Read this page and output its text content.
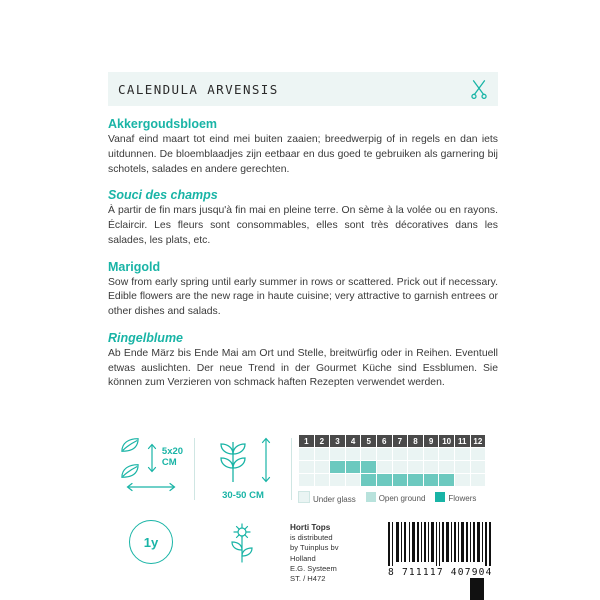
CALENDULA ARVENSIS
Akkergoudsbloem

Vanaf eind maart tot eind mei buiten zaaien; breedwerpig of in regels en dan iets uitdunnen. De bloemblaadjes zijn eetbaar en dus goed te gebruiken als garnering bij schotels, salades en andere gerechten.

Souci des champs

À partir de fin mars jusqu'à fin mai en pleine terre. On sème à la volée ou en rayons. Éclaircir. Les fleurs sont consommables, elles sont très décoratives dans les salades, les plats, etc.

Marigold

Sow from early spring until early summer in rows or scattered. Prick out if necessary. Edible flowers are the new rage in haute cuisine; very attractive to garnish entrees or other dishes and salads.

Ringelblume

Ab Ende März bis Ende Mai am Ort und Stelle, breitwürfig oder in Reihen. Eventuell etwas auslichten. Der neue Trend in der Gourmet Küche sind Essblumen. Sie können zum Verzieren von schmack haften Rezepten verwendet werden.

5x20
CM
30-50 CM
1	2	3	4	5	6	7	8	9	10	11	12

Under glass	Open ground	Flowers
1y
Horti Tops
is distributed
by Tuinplus bv
Holland
E.G. Systeem
ST. / H472
8 711117 407904
